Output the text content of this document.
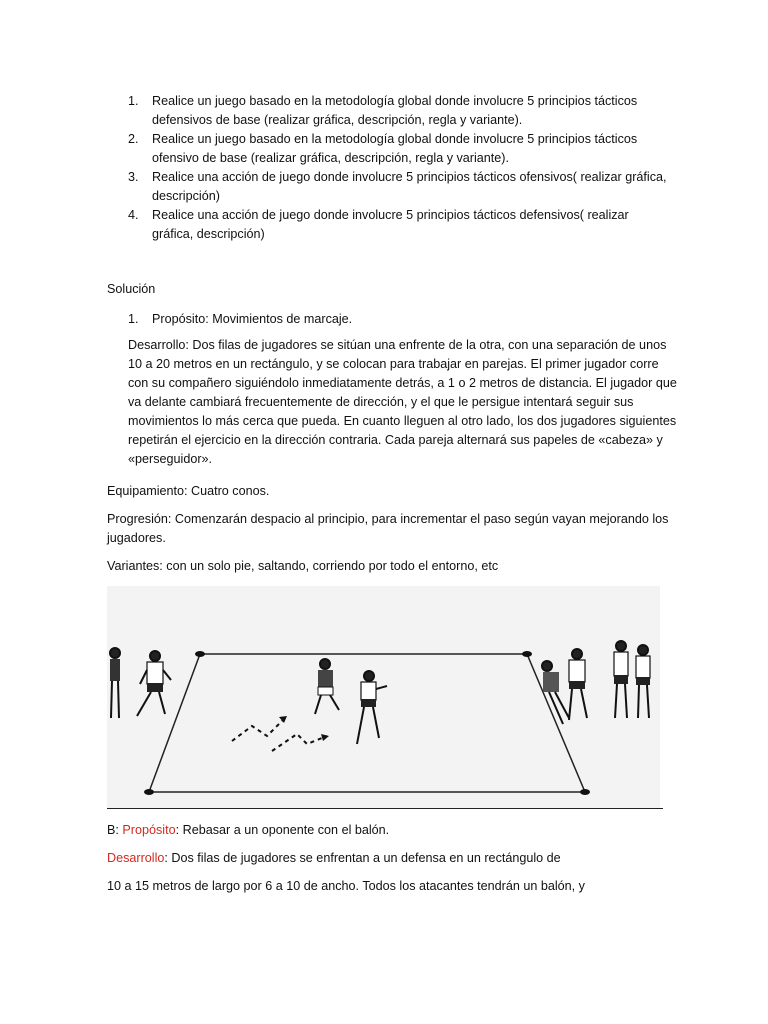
1. Realice un juego basado en la metodología global donde involucre 5 principios tácticos defensivos de base (realizar gráfica, descripción, regla y variante).
2. Realice un juego basado en la metodología global donde involucre 5 principios tácticos ofensivo de base (realizar gráfica, descripción, regla y variante).
3. Realice una acción de juego donde involucre 5 principios tácticos ofensivos( realizar gráfica, descripción)
4. Realice una acción de juego donde involucre 5 principios tácticos defensivos( realizar gráfica, descripción)
Solución
1. Propósito: Movimientos de marcaje.
Desarrollo: Dos filas de jugadores se sitúan una enfrente de la otra, con una separación de unos 10 a 20 metros en un rectángulo, y se colocan para trabajar en parejas. El primer jugador corre con su compañero siguiéndolo inmediatamente detrás, a 1 o 2 metros de distancia. El jugador que va delante cambiará frecuentemente de dirección, y el que le persigue intentará seguir sus movimientos lo más cerca que pueda. En cuanto lleguen al otro lado, los dos jugadores siguientes repetirán el ejercicio en la dirección contraria. Cada pareja alternará sus papeles de «cabeza» y «perseguidor».
Equipamiento: Cuatro conos.
Progresión: Comenzarán despacio al principio, para incrementar el paso según vayan mejorando los jugadores.
Variantes: con un solo pie, saltando, corriendo por todo el entorno, etc
B: Propósito: Rebasar a un oponente con el balón.
Desarrollo: Dos filas de jugadores se enfrentan a un defensa en un rectángulo de
10 a 15 metros de largo por 6 a 10 de ancho. Todos los atacantes tendrán un balón, y
